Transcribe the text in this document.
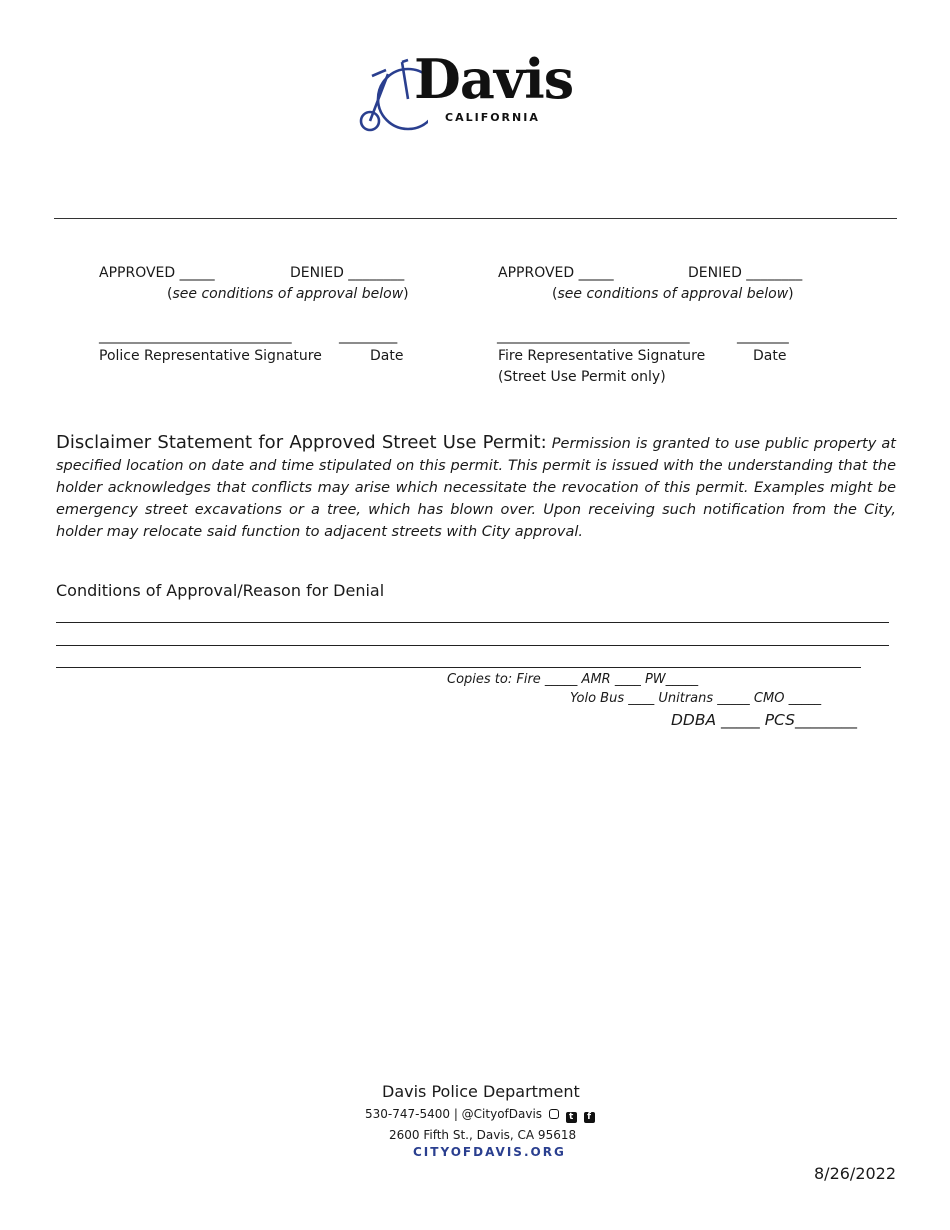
Davis
CALIFORNIA
APPROVED _____	DENIED ________
(see conditions of approval below)
______________________________	_________
Police Representative Signature	Date
APPROVED _____	DENIED ________
(see conditions of approval below)
______________________________	________
Fire Representative Signature	Date
(Street Use Permit only)
Disclaimer Statement for Approved Street Use Permit: Permission is granted to use public property at specified location on date and time stipulated on this permit. This permit is issued with the understanding that the holder acknowledges that conflicts may arise which necessitate the revocation of this permit. Examples might be emergency street excavations or a tree, which has blown over. Upon receiving such notification from the City, holder may relocate said function to adjacent streets with City approval.
Conditions of Approval/Reason for Denial
Copies to: Fire _____ AMR ____ PW_____
Yolo Bus ____ Unitrans _____ CMO _____
DDBA _____ PCS________
Davis Police Department
530-747-5400 | @CityofDavis	t f
2600 Fifth St., Davis, CA 95618
CITYOFDAVIS.ORG
8/26/2022
